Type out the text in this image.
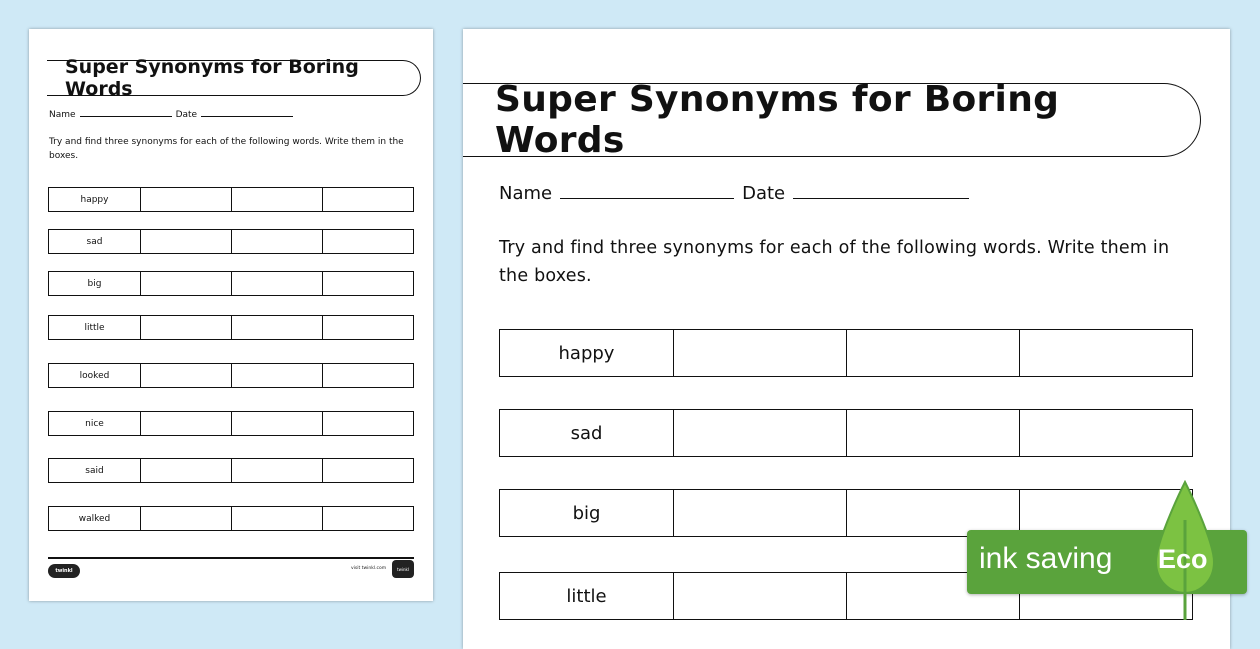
Super Synonyms for Boring Words
Name	Date
Try and find three synonyms for each of the following words. Write them in the boxes.
happy
sad
big
little
looked
nice
said
walked
twinkl	visit twinkl.com	twinkl
Super Synonyms for Boring Words
Name	Date
Try and find three synonyms for each of the following words. Write them in the boxes.
happy
sad
big
little
ink saving Eco
